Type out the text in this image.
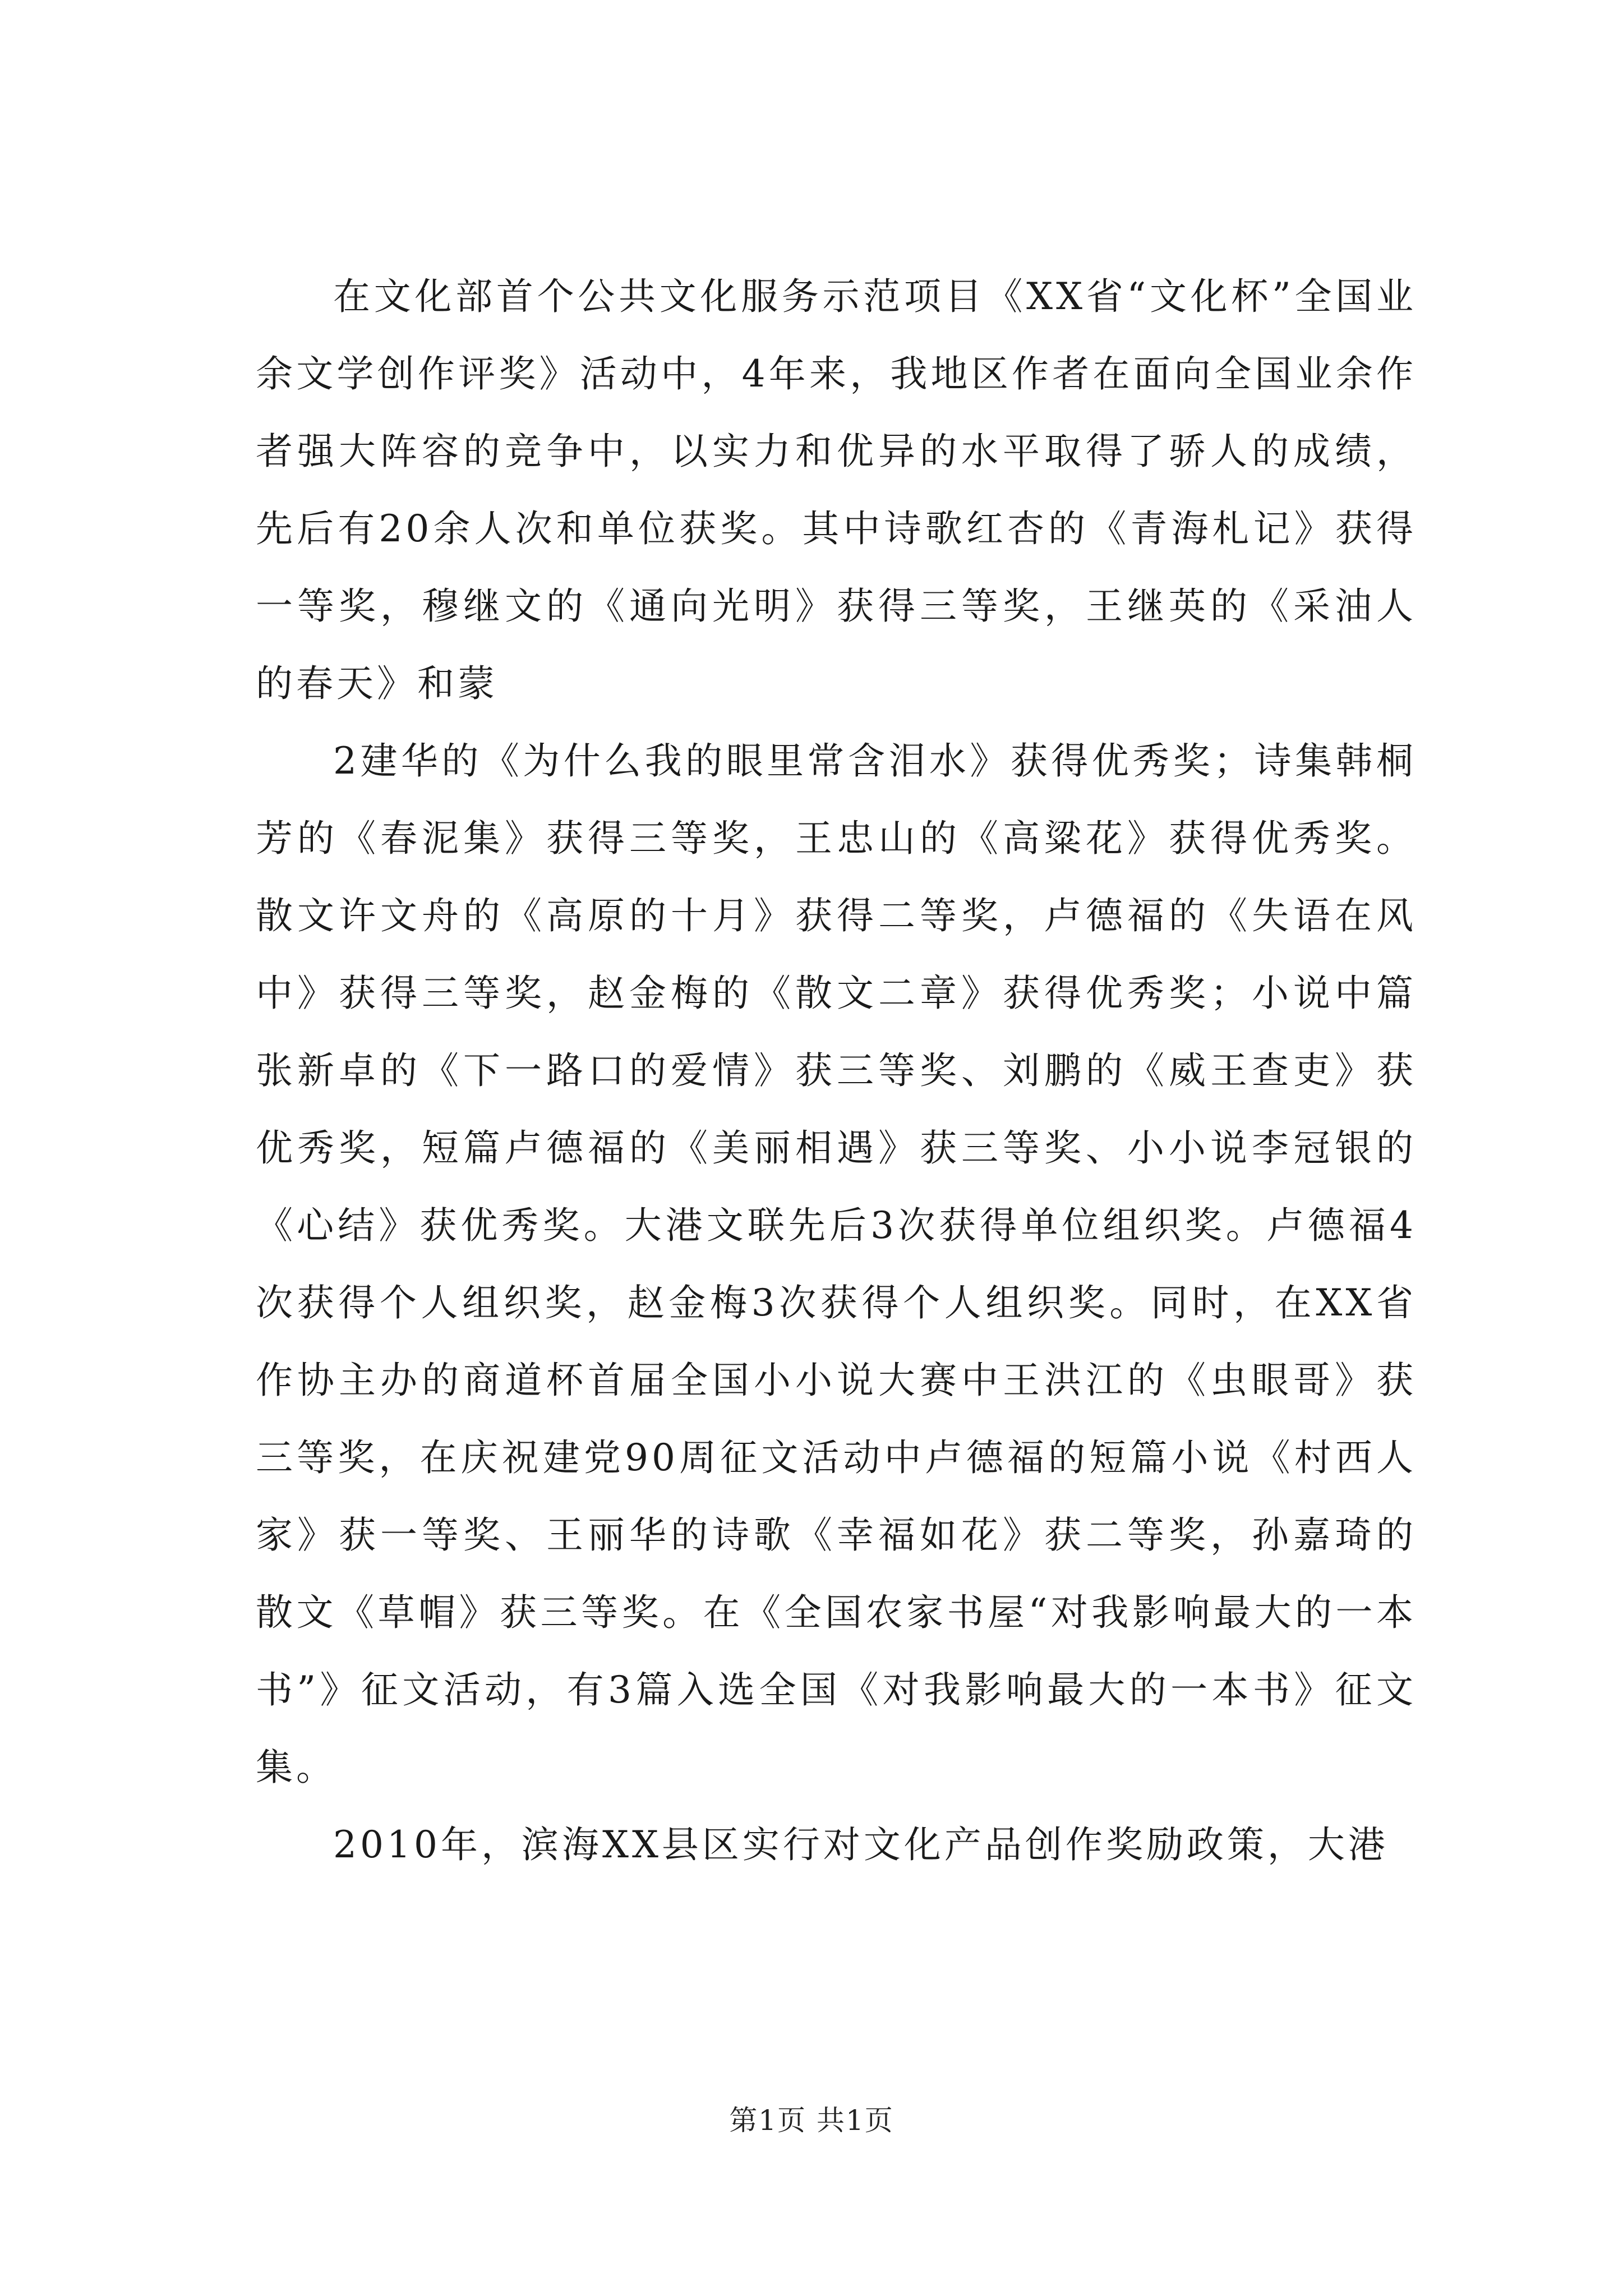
在文化部首个公共文化服务示范项目《XX省“文化杯”全国业余文学创作评奖》活动中，4年来，我地区作者在面向全国业余作者强大阵容的竞争中，以实力和优异的水平取得了骄人的成绩，先后有20余人次和单位获奖。其中诗歌红杏的《青海札记》获得一等奖，穆继文的《通向光明》获得三等奖，王继英的《采油人的春天》和蒙

2建华的《为什么我的眼里常含泪水》获得优秀奖；诗集韩桐芳的《春泥集》获得三等奖，王忠山的《高粱花》获得优秀奖。散文许文舟的《高原的十月》获得二等奖，卢德福的《失语在风中》获得三等奖，赵金梅的《散文二章》获得优秀奖；小说中篇张新卓的《下一路口的爱情》获三等奖、刘鹏的《威王查吏》获优秀奖，短篇卢德福的《美丽相遇》获三等奖、小小说李冠银的《心结》获优秀奖。大港文联先后3次获得单位组织奖。卢德福4次获得个人组织奖，赵金梅3次获得个人组织奖。同时，在XX省作协主办的商道杯首届全国小小说大赛中王洪江的《虫眼哥》获三等奖，在庆祝建党90周征文活动中卢德福的短篇小说《村西人家》获一等奖、王丽华的诗歌《幸福如花》获二等奖，孙嘉琦的散文《草帽》获三等奖。在《全国农家书屋“对我影响最大的一本书”》征文活动，有3篇入选全国《对我影响最大的一本书》征文集。

2010年，滨海XX县区实行对文化产品创作奖励政策，大港

第1页 共1页
